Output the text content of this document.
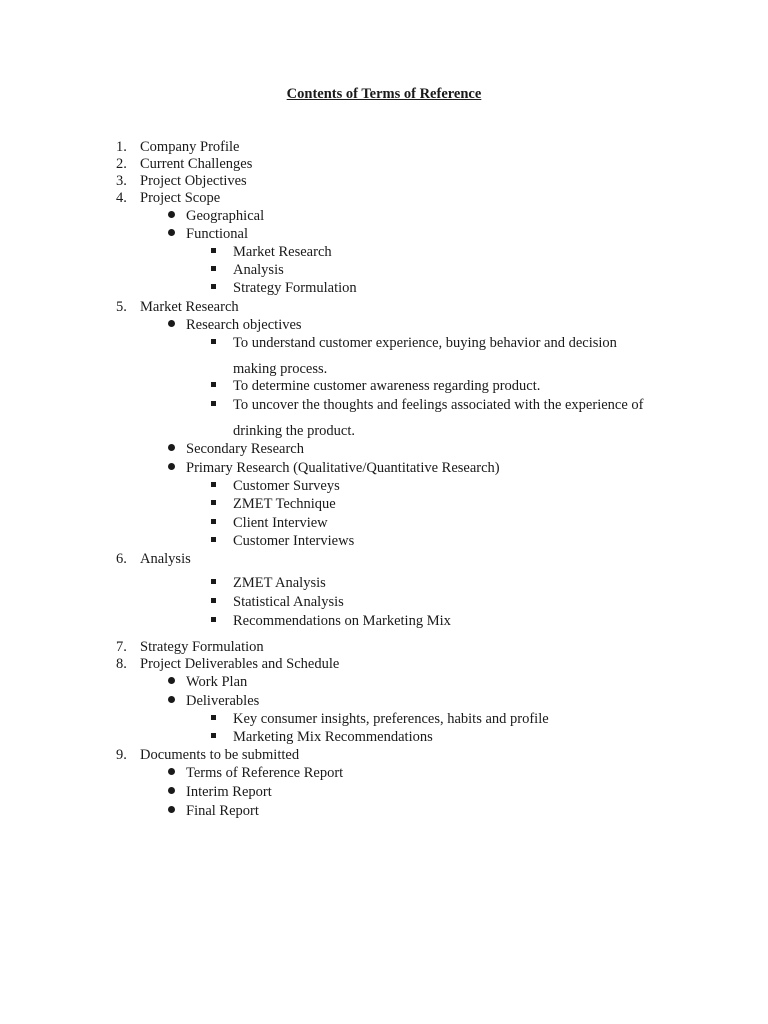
Contents of Terms of Reference
1. Company Profile
2. Current Challenges
3. Project Objectives
4. Project Scope
Geographical
Functional
Market Research
Analysis
Strategy Formulation
5. Market Research
Research objectives
To understand customer experience, buying behavior and decision
making process.
To determine customer awareness regarding product.
To uncover the thoughts and feelings associated with the experience of
drinking the product.
Secondary Research
Primary Research (Qualitative/Quantitative Research)
Customer Surveys
ZMET Technique
Client Interview
Customer Interviews
6. Analysis
ZMET Analysis
Statistical Analysis
Recommendations on Marketing Mix
7. Strategy Formulation
8. Project Deliverables and Schedule
Work Plan
Deliverables
Key consumer insights, preferences, habits and profile
Marketing Mix Recommendations
9. Documents to be submitted
Terms of Reference Report
Interim Report
Final Report
